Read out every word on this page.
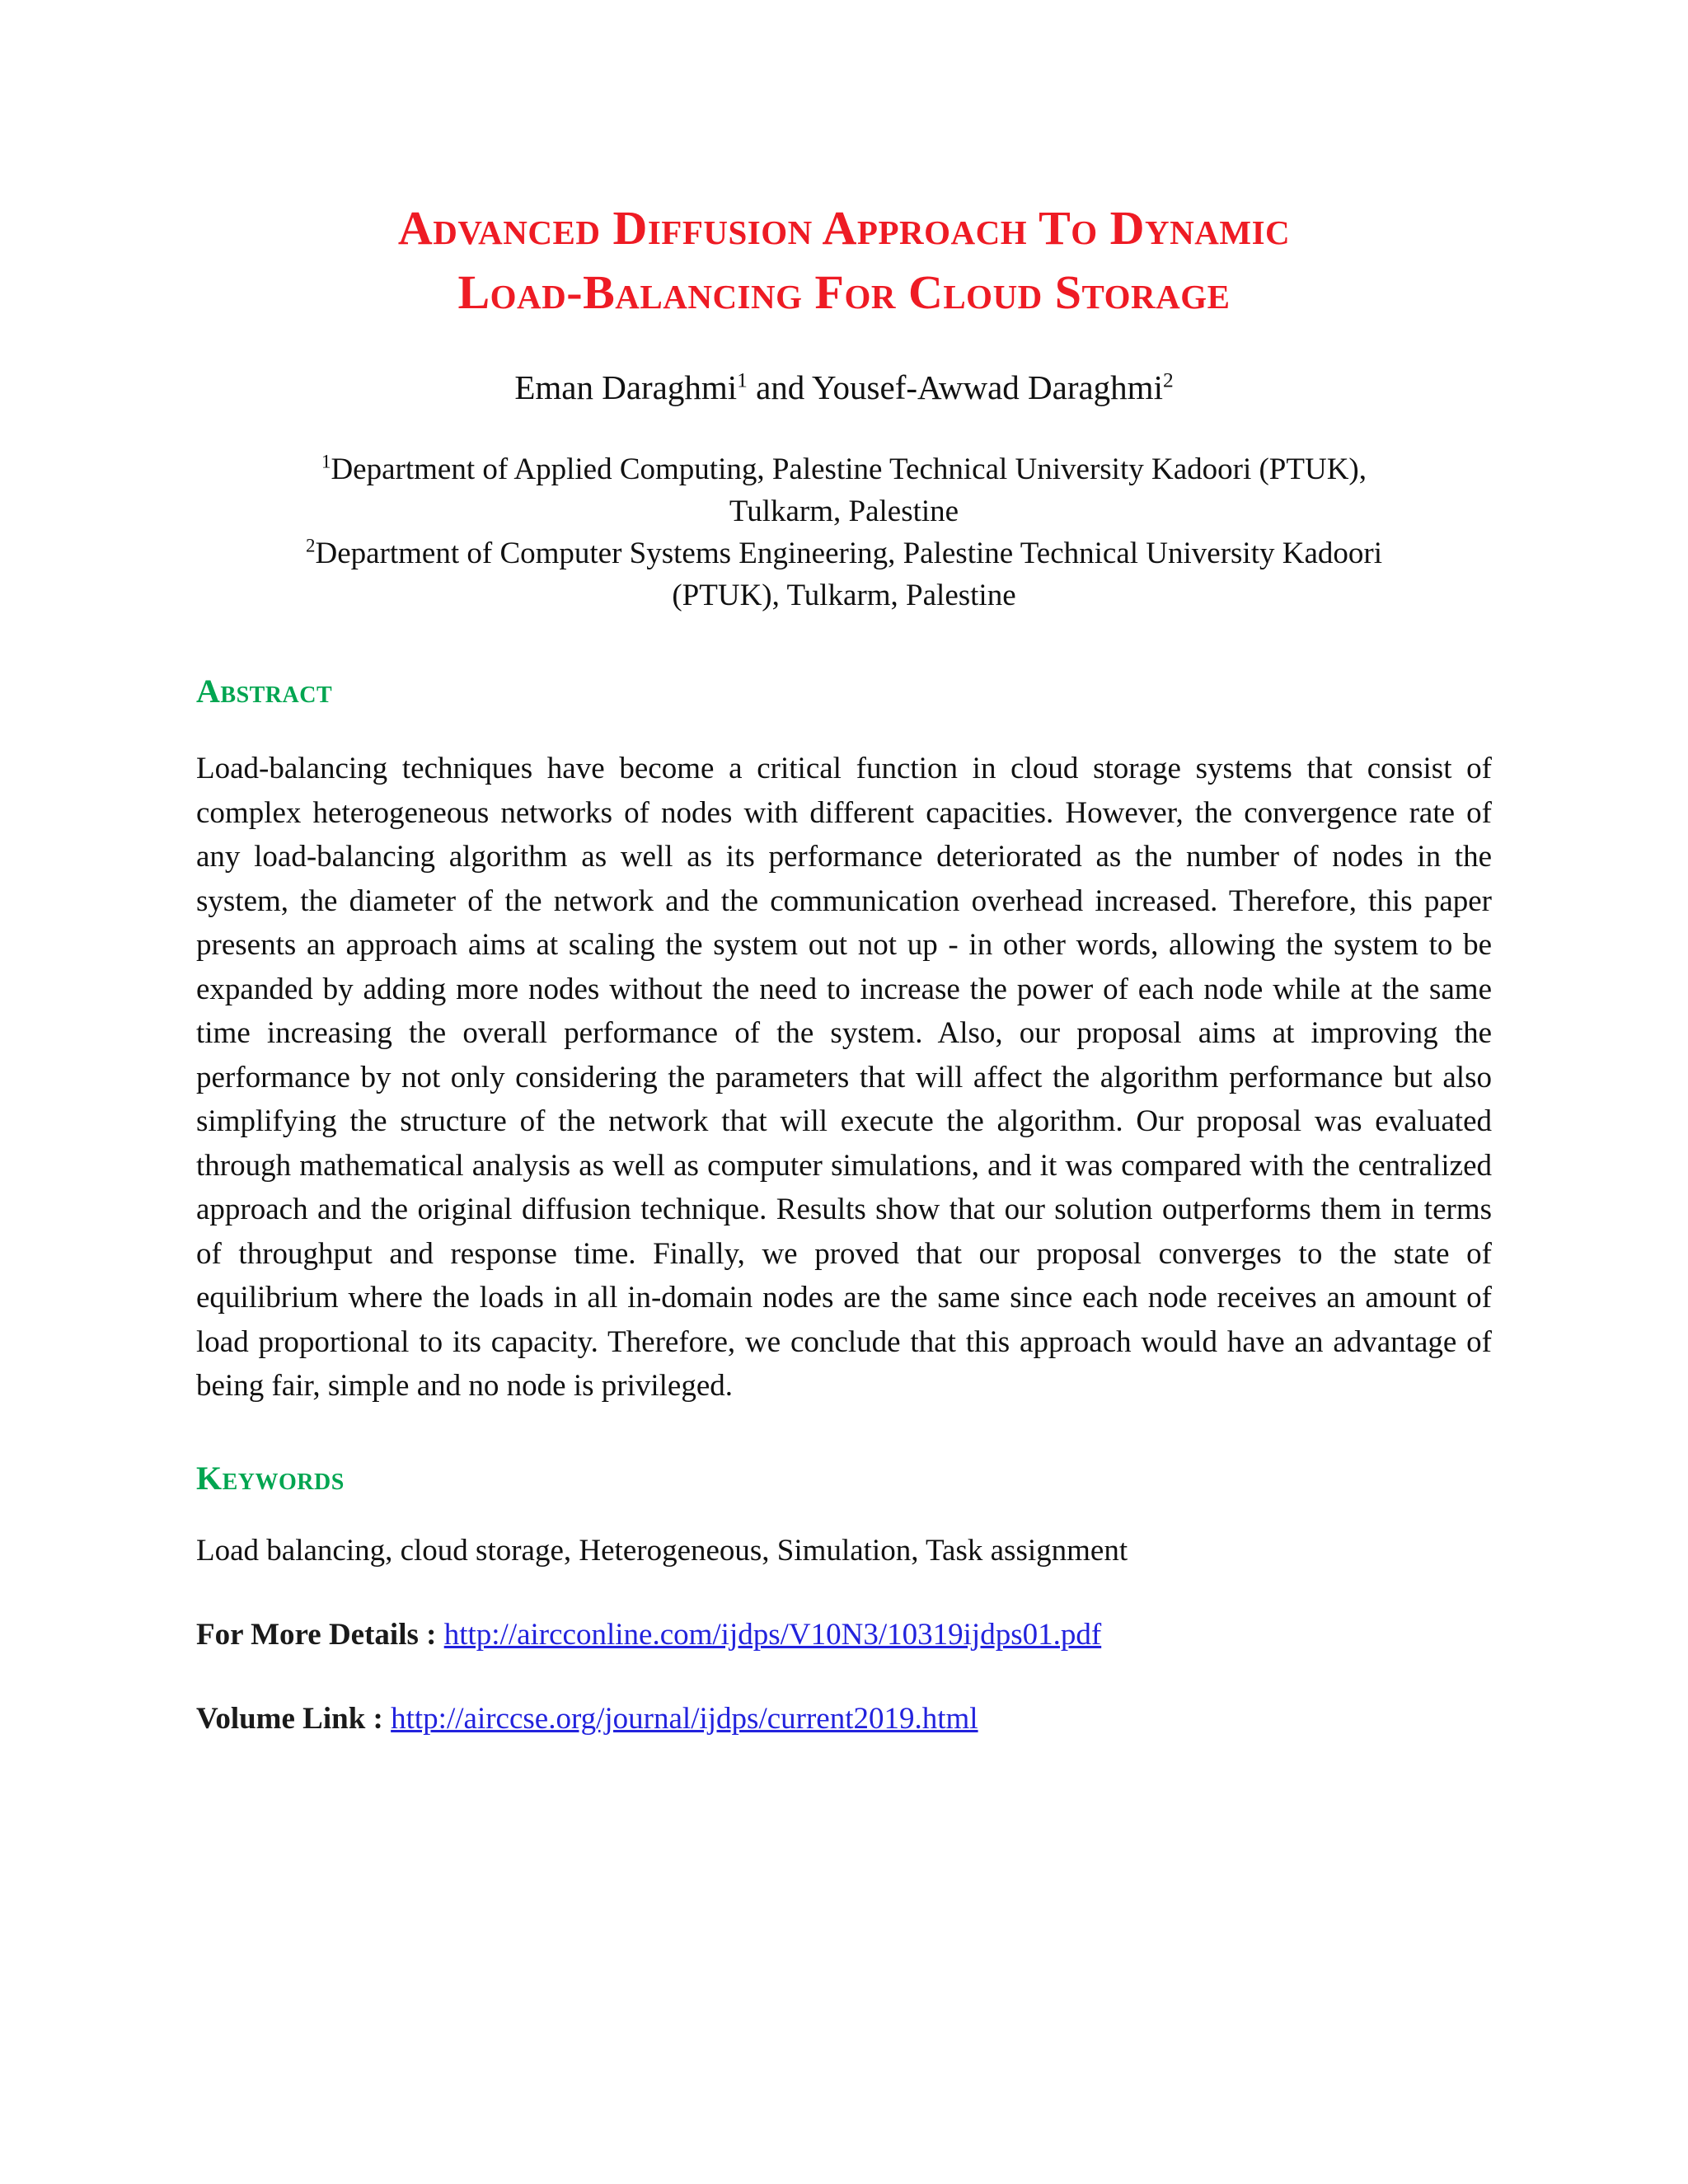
Advanced Diffusion Approach To Dynamic
Load-Balancing For Cloud Storage
Eman Daraghmi$^1$ and Yousef-Awwad Daraghmi$^2$
$^1$Department of Applied Computing, Palestine Technical University Kadoori (PTUK),
Tulkarm, Palestine
$^2$Department of Computer Systems Engineering, Palestine Technical University Kadoori
(PTUK), Tulkarm, Palestine
Abstract
Load-balancing techniques have become a critical function in cloud storage systems that consist of complex heterogeneous networks of nodes with different capacities. However, the convergence rate of any load-balancing algorithm as well as its performance deteriorated as the number of nodes in the system, the diameter of the network and the communication overhead increased. Therefore, this paper presents an approach aims at scaling the system out not up - in other words, allowing the system to be expanded by adding more nodes without the need to increase the power of each node while at the same time increasing the overall performance of the system. Also, our proposal aims at improving the performance by not only considering the parameters that will affect the algorithm performance but also simplifying the structure of the network that will execute the algorithm. Our proposal was evaluated through mathematical analysis as well as computer simulations, and it was compared with the centralized approach and the original diffusion technique. Results show that our solution outperforms them in terms of throughput and response time. Finally, we proved that our proposal converges to the state of equilibrium where the loads in all in-domain nodes are the same since each node receives an amount of load proportional to its capacity. Therefore, we conclude that this approach would have an advantage of being fair, simple and no node is privileged.
Keywords
Load balancing, cloud storage, Heterogeneous, Simulation, Task assignment
For More Details : http://aircconline.com/ijdps/V10N3/10319ijdps01.pdf
Volume Link : http://airccse.org/journal/ijdps/current2019.html
